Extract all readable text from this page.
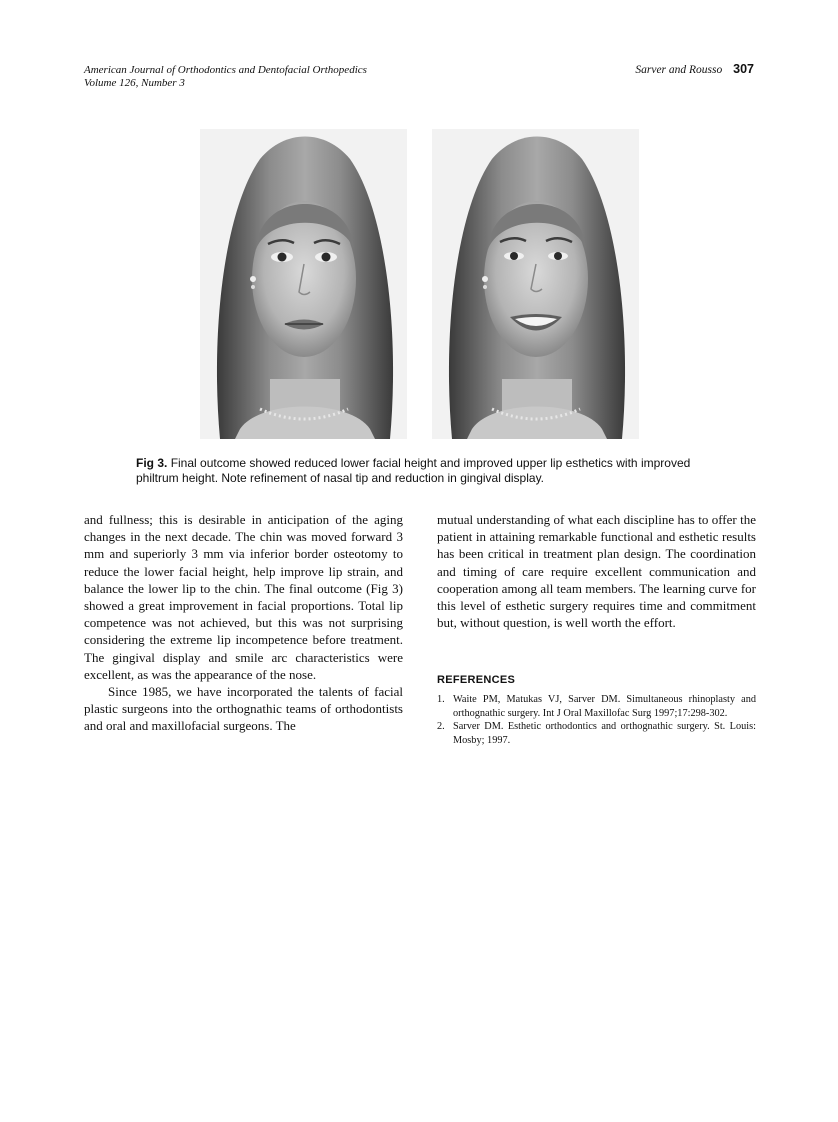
American Journal of Orthodontics and Dentofacial Orthopedics
Volume 126, Number 3
Sarver and Rousso 307
Fig 3. Final outcome showed reduced lower facial height and improved upper lip esthetics with improved philtrum height. Note refinement of nasal tip and reduction in gingival display.

and fullness; this is desirable in anticipation of the aging changes in the next decade. The chin was moved forward 3 mm and superiorly 3 mm via inferior border osteotomy to reduce the lower facial height, help improve lip strain, and balance the lower lip to the chin. The final outcome (Fig 3) showed a great improvement in facial proportions. Total lip competence was not achieved, but this was not surprising considering the extreme lip incompetence before treatment. The gingival display and smile arc characteristics were excellent, as was the appearance of the nose.

Since 1985, we have incorporated the talents of facial plastic surgeons into the orthognathic teams of orthodontists and oral and maxillofacial surgeons. The

mutual understanding of what each discipline has to offer the patient in attaining remarkable functional and esthetic results has been critical in treatment plan design. The coordination and timing of care require excellent communication and cooperation among all team members. The learning curve for this level of esthetic surgery requires time and commitment but, without question, is well worth the effort.

REFERENCES
1. Waite PM, Matukas VJ, Sarver DM. Simultaneous rhinoplasty and orthognathic surgery. Int J Oral Maxillofac Surg 1997;17:298-302.
2. Sarver DM. Esthetic orthodontics and orthognathic surgery. St. Louis: Mosby; 1997.
